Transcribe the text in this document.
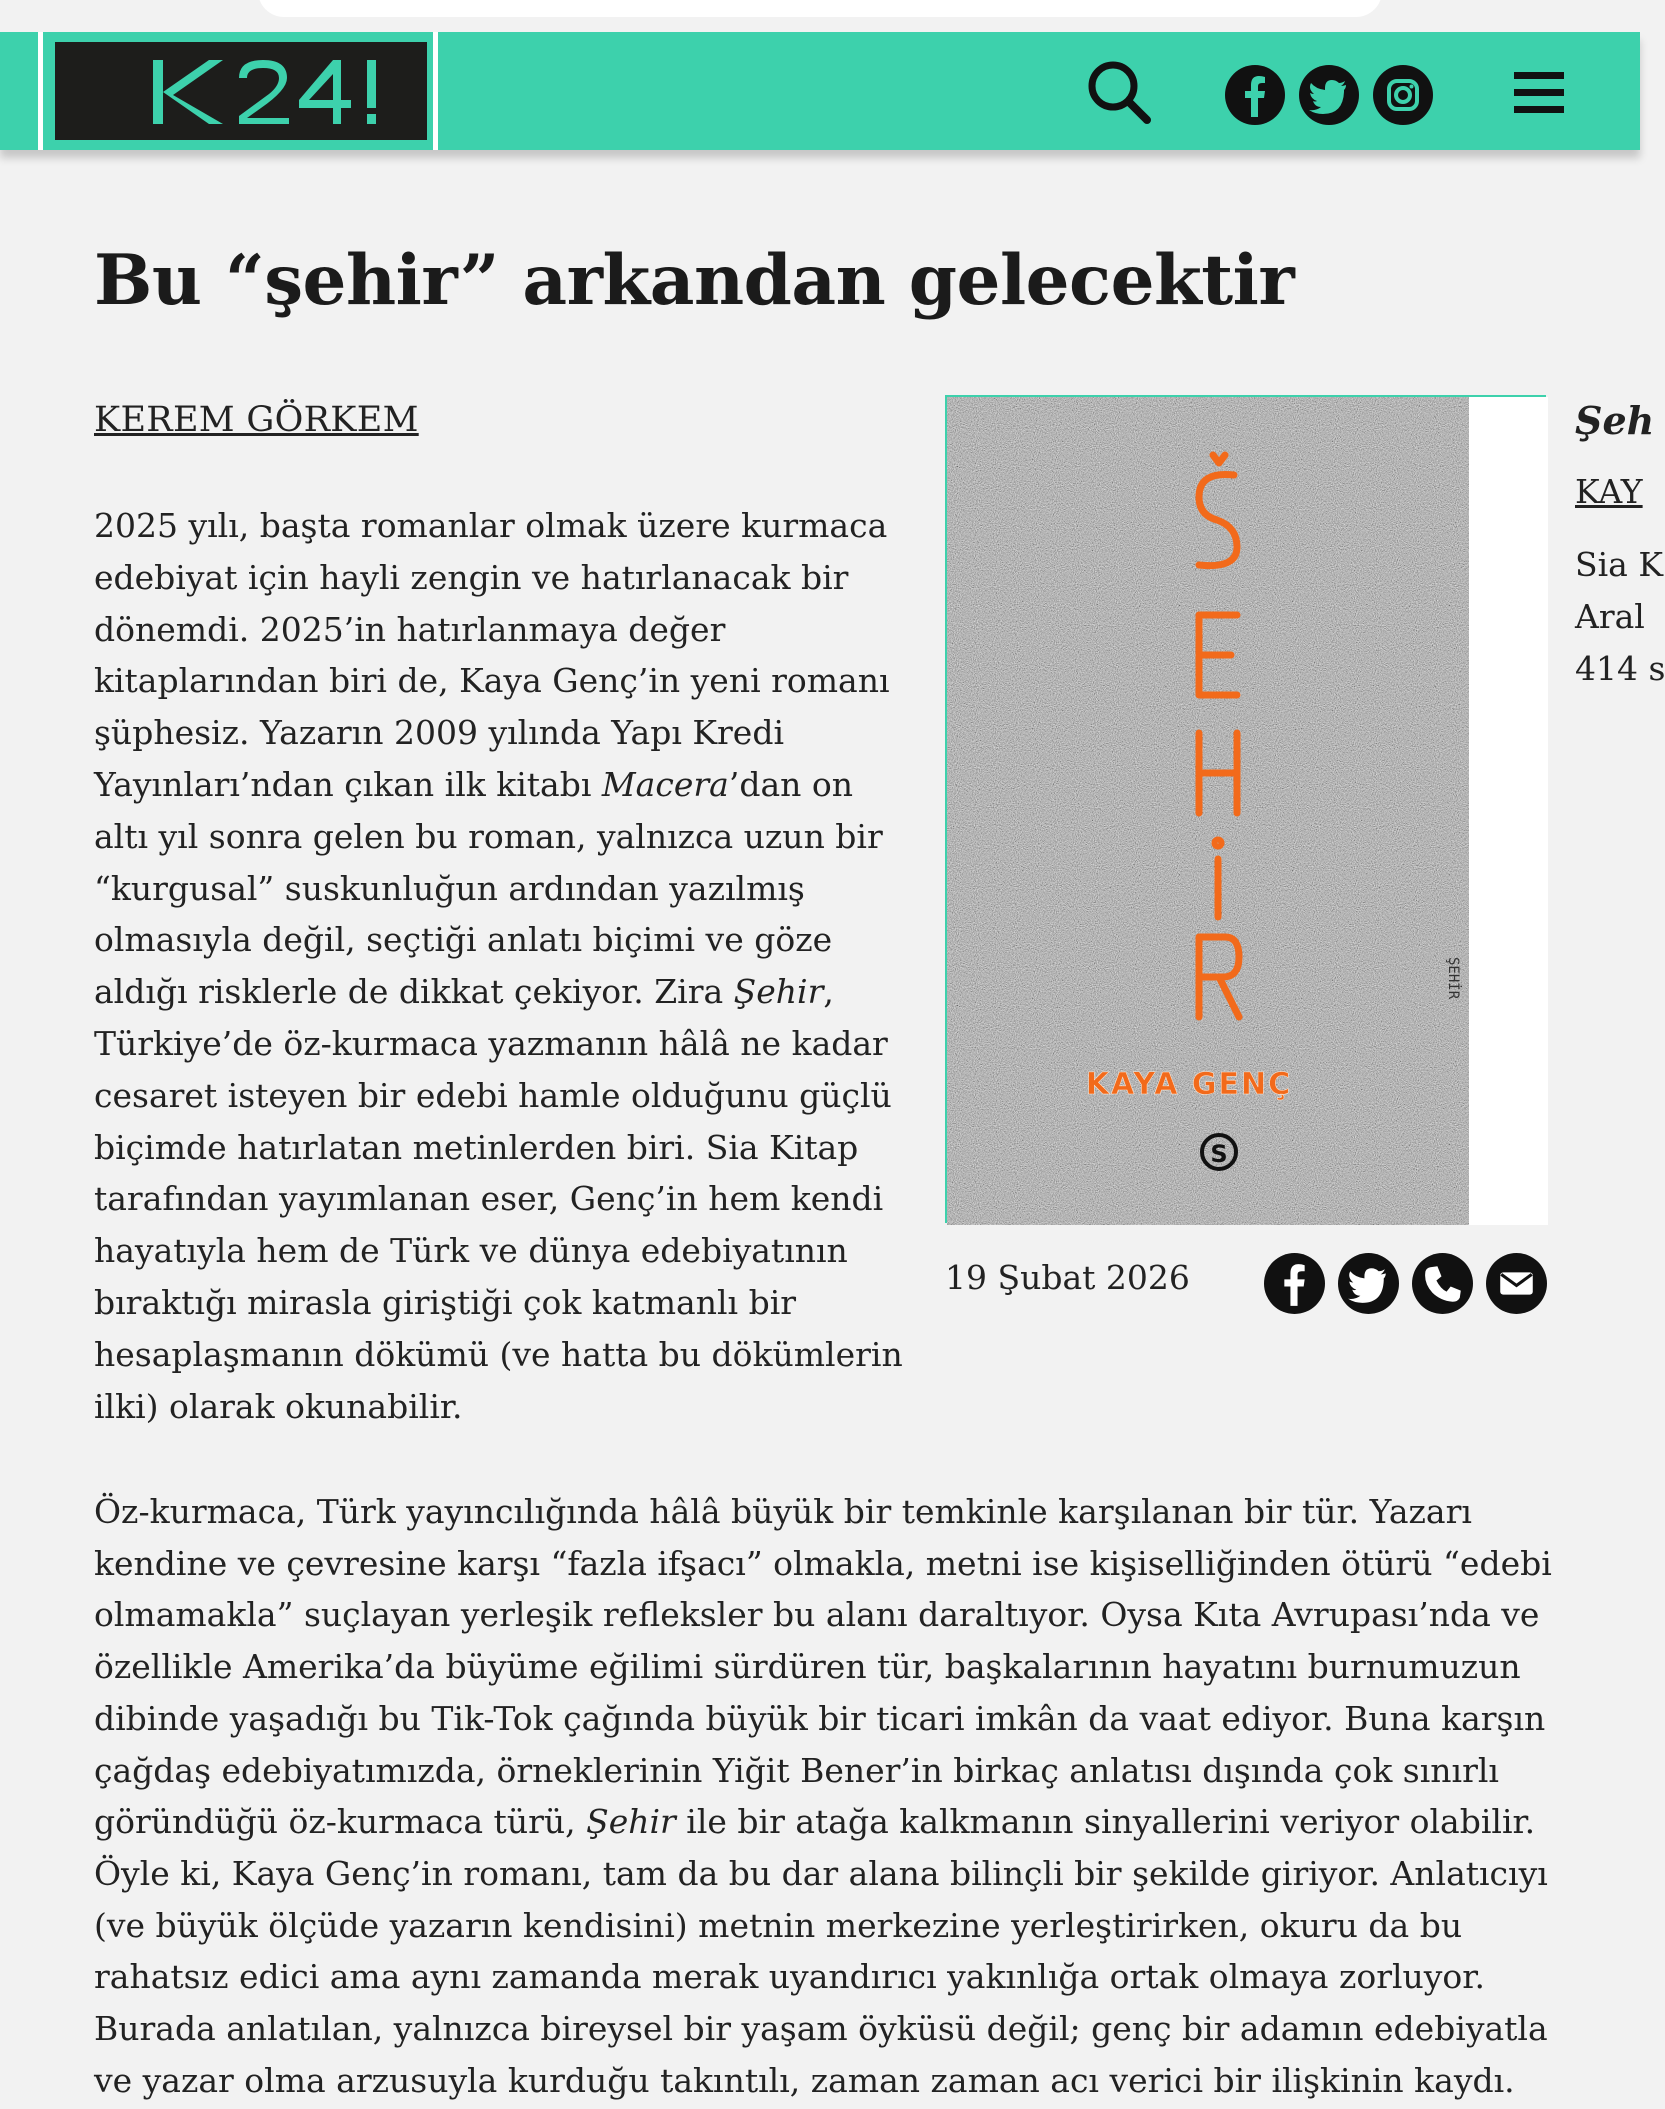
Bu “şehir” arkandan gelecektir
KEREM GÖRKEM

2025 yılı, başta romanlar olmak üzere kurmaca edebiyat için hayli zengin ve hatırlanacak bir dönemdi. 2025’in hatırlanmaya değer kitaplarından biri de, Kaya Genç’in yeni romanı şüphesiz. Yazarın 2009 yılında Yapı Kredi Yayınları’ndan çıkan ilk kitabı Macera’dan on altı yıl sonra gelen bu roman, yalnızca uzun bir “kurgusal” suskunluğun ardından yazılmış olmasıyla değil, seçtiği anlatı biçimi ve göze aldığı risklerle de dikkat çekiyor. Zira Şehir, Türkiye’de öz-kurmaca yazmanın hâlâ ne kadar cesaret isteyen bir edebi hamle olduğunu güçlü biçimde hatırlatan metinlerden biri. Sia Kitap tarafından yayımlanan eser, Genç’in hem kendi hayatıyla hem de Türk ve dünya edebiyatının bıraktığı mirasla giriştiği çok katmanlı bir hesaplaşmanın dökümü (ve hatta bu dökümlerin ilki) olarak okunabilir.

ŞEHİR
KAYA GENÇ
S
19 Şubat 2026
Şeh
KAY
Sia K
Aral
414 s

Öz-kurmaca, Türk yayıncılığında hâlâ büyük bir temkinle karşılanan bir tür. Yazarı kendine ve çevresine karşı “fazla ifşacı” olmakla, metni ise kişiselliğinden ötürü “edebi olmamakla” suçlayan yerleşik refleksler bu alanı daraltıyor. Oysa Kıta Avrupası’nda ve özellikle Amerika’da büyüme eğilimi sürdüren tür, başkalarının hayatını burnumuzun dibinde yaşadığı bu Tik-Tok çağında büyük bir ticari imkân da vaat ediyor. Buna karşın çağdaş edebiyatımızda, örneklerinin Yiğit Bener’in birkaç anlatısı dışında çok sınırlı göründüğü öz-kurmaca türü, Şehir ile bir atağa kalkmanın sinyallerini veriyor olabilir. Öyle ki, Kaya Genç’in romanı, tam da bu dar alana bilinçli bir şekilde giriyor. Anlatıcıyı (ve büyük ölçüde yazarın kendisini) metnin merkezine yerleştirirken, okuru da bu rahatsız edici ama aynı zamanda merak uyandırıcı yakınlığa ortak olmaya zorluyor. Burada anlatılan, yalnızca bireysel bir yaşam öyküsü değil; genç bir adamın edebiyatla ve yazar olma arzusuyla kurduğu takıntılı, zaman zaman acı verici bir ilişkinin kaydı.
